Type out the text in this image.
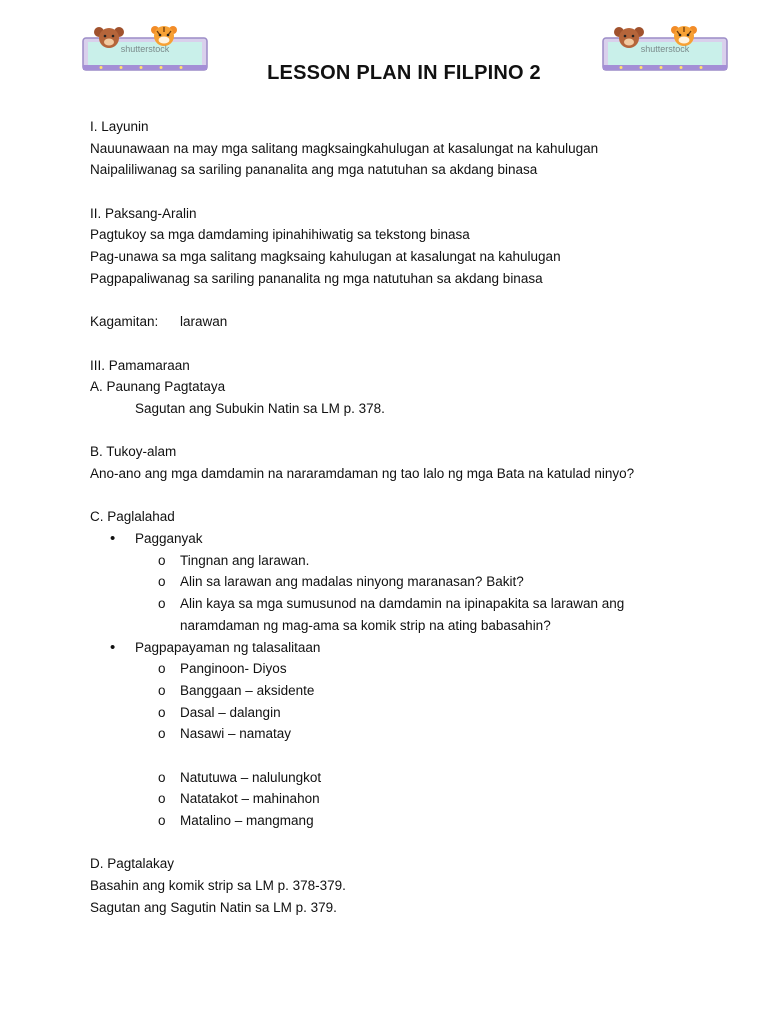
shutterstock	shutterstock
LESSON PLAN IN FILPINO 2
I. Layunin
Nauunawaan na may mga salitang magksaingkahulugan at kasalungat na kahulugan
Naipaliliwanag sa sariling pananalita ang mga natutuhan sa akdang binasa
II. Paksang-Aralin
Pagtukoy sa mga damdaming ipinahihiwatig sa tekstong binasa
Pag-unawa sa mga salitang magksaing kahulugan at kasalungat na kahulugan
Pagpapaliwanag sa sariling pananalita ng mga natutuhan sa akdang binasa
Kagamitan:	larawan
III. Pamamaraan
A. Paunang Pagtataya
Sagutan ang Subukin Natin sa LM p. 378.
B. Tukoy-alam
Ano-ano ang mga damdamin na nararamdaman ng tao lalo ng mga Bata na katulad ninyo?
C. Paglalahad
•	Pagganyak
o	Tingnan ang larawan.
o	Alin sa larawan ang madalas ninyong maranasan? Bakit?
o	Alin kaya sa mga sumusunod na damdamin na ipinapakita sa larawan ang
naramdaman ng mag-ama sa komik strip na ating babasahin?
•	Pagpapayaman ng talasalitaan
o	Panginoon- Diyos
o	Banggaan – aksidente
o	Dasal – dalangin
o	Nasawi – namatay
o	Natutuwa – nalulungkot
o	Natatakot – mahinahon
o	Matalino – mangmang
D. Pagtalakay
Basahin ang komik strip sa LM p. 378-379.
Sagutan ang Sagutin Natin sa LM p. 379.
